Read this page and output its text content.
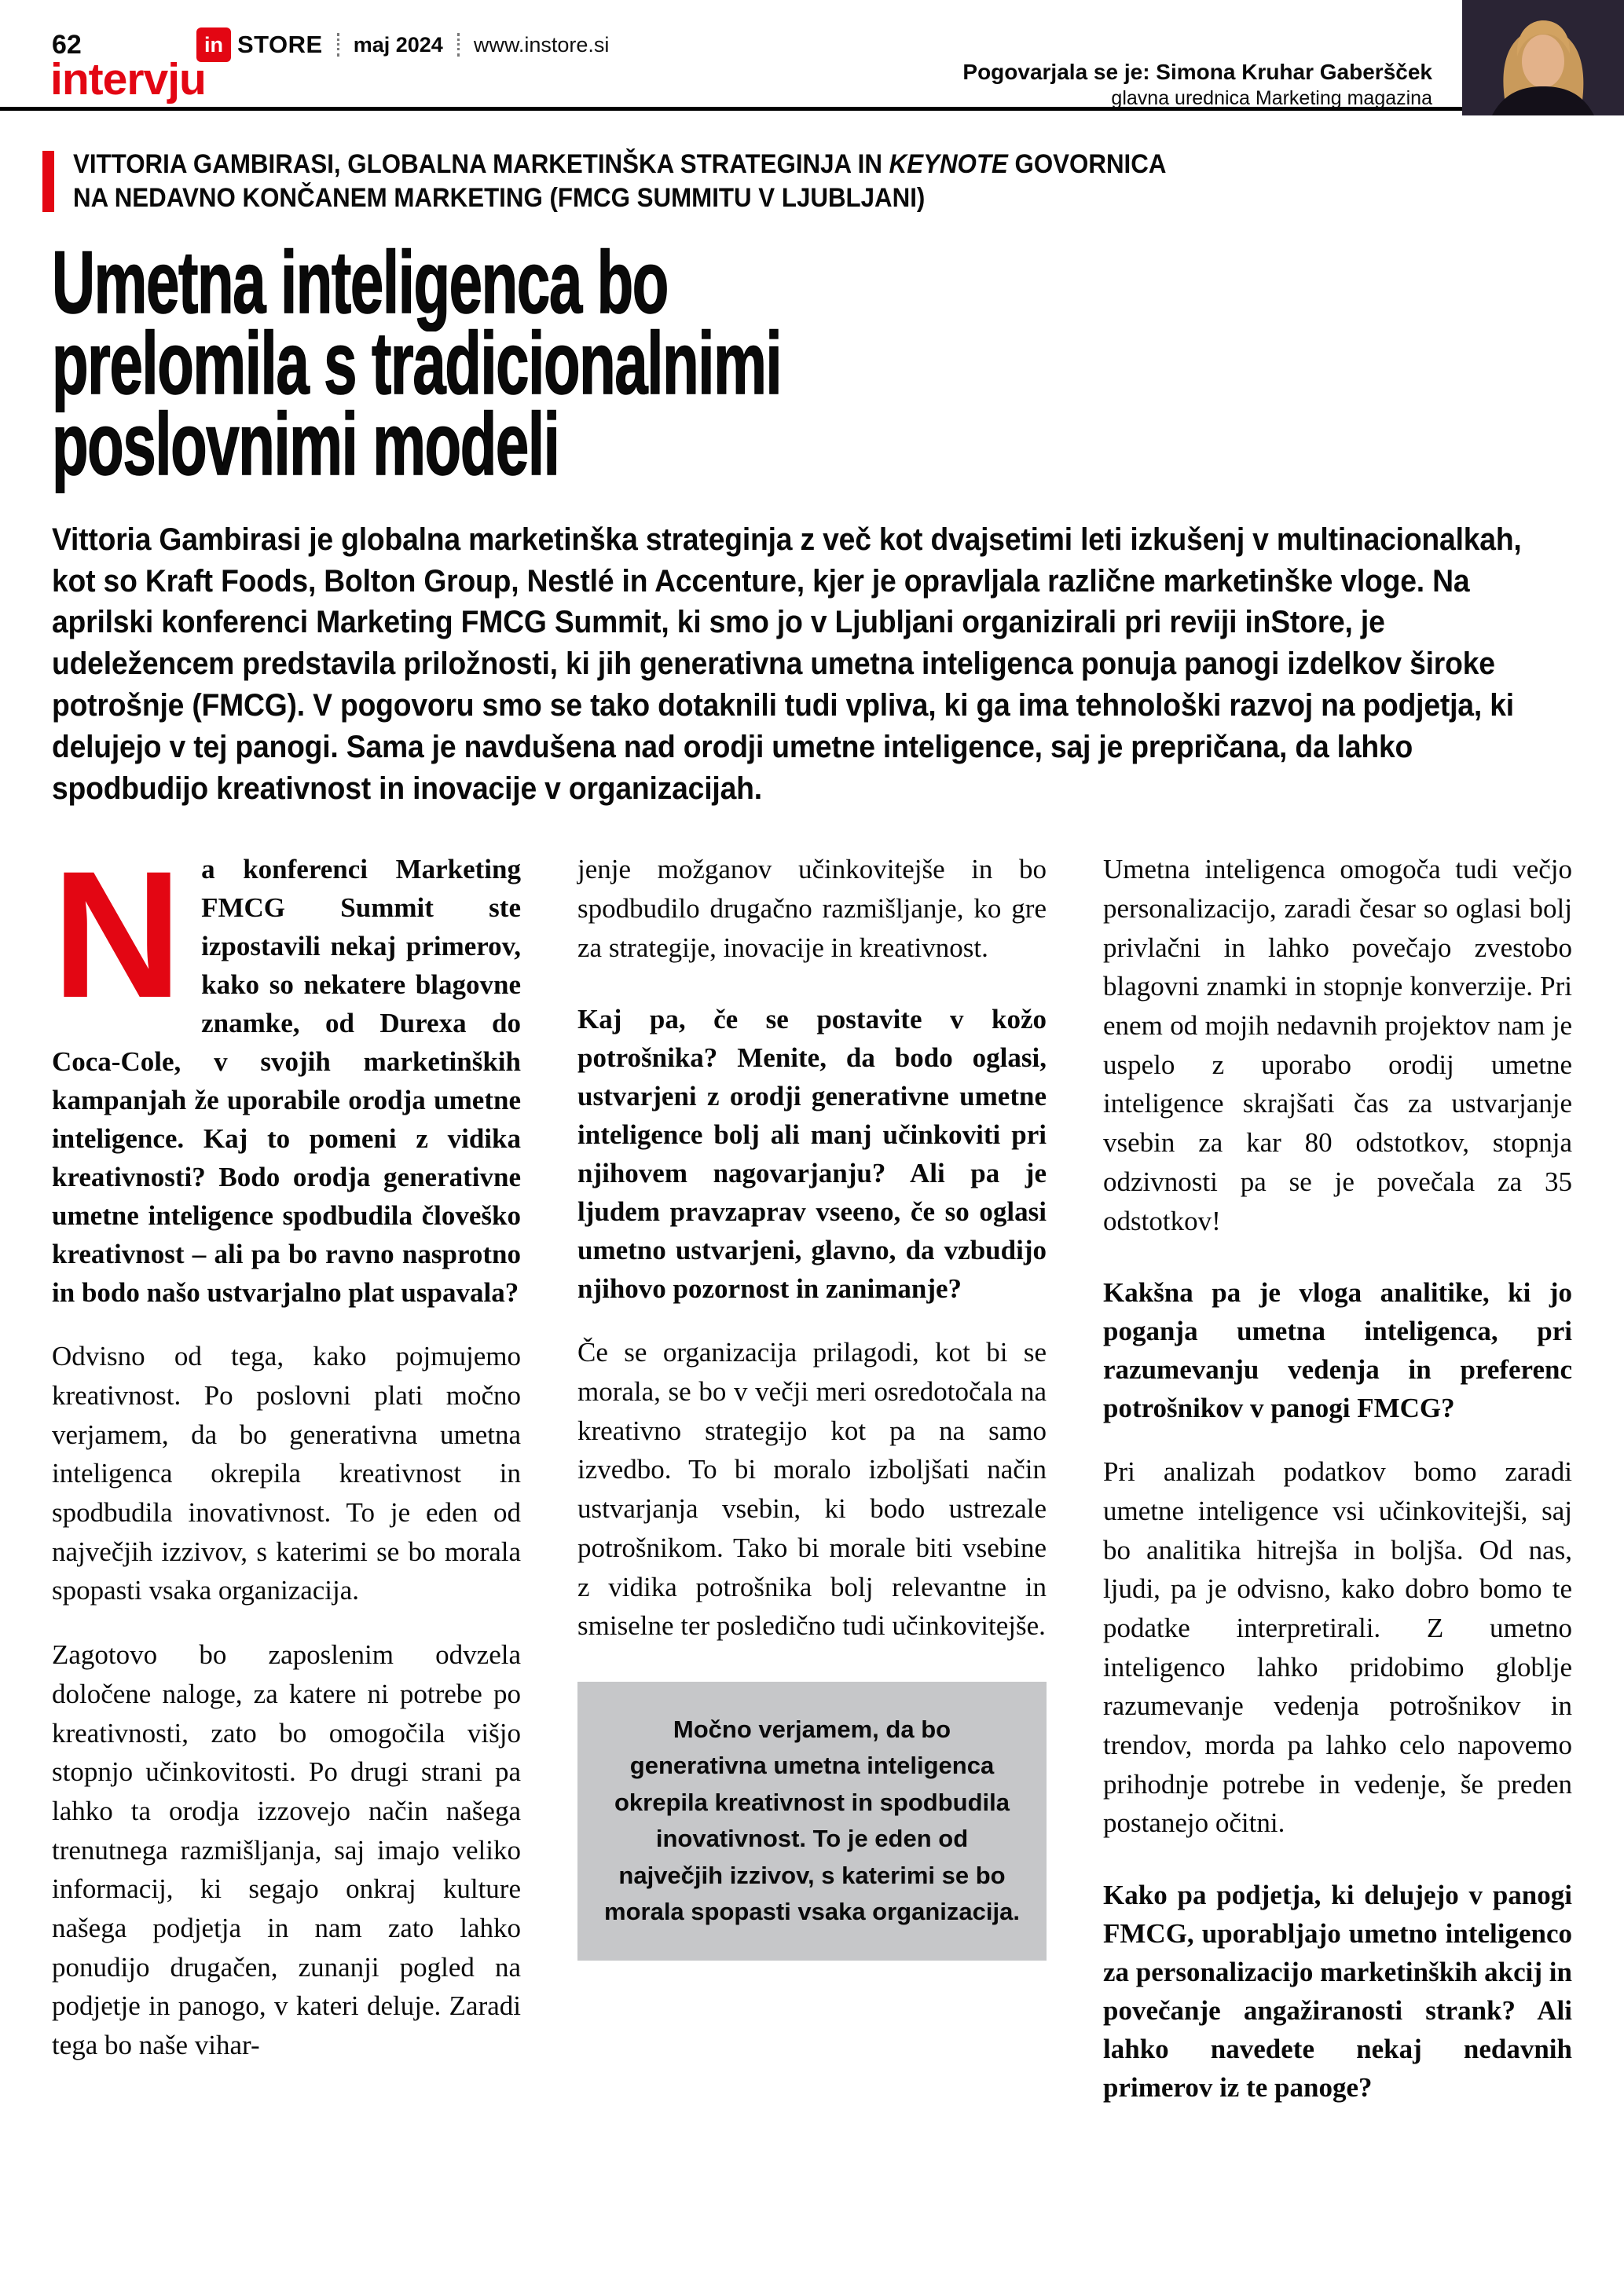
62	in STORE maj 2024 www.instore.si
intervju	Pogovarjala se je: Simona Kruhar Gaberšček
glavna urednica Marketing magazina
VITTORIA GAMBIRASI, GLOBALNA MARKETINŠKA STRATEGINJA IN KEYNOTE GOVORNICA
NA NEDAVNO KONČANEM MARKETING (FMCG SUMMITU V LJUBLJANI)
Umetna inteligenca bo
prelomila s tradicionalnimi
poslovnimi modeli

Vittoria Gambirasi je globalna marketinška strateginja z več kot dvajsetimi leti izkušenj v multinacionalkah, kot so Kraft Foods, Bolton Group, Nestlé in Accenture, kjer je opravljala različne marketinške vloge. Na aprilski konferenci Marketing FMCG Summit, ki smo jo v Ljubljani organizirali pri reviji inStore, je udeležencem predstavila priložnosti, ki jih generativna umetna inteligenca ponuja panogi izdelkov široke potrošnje (FMCG). V pogovoru smo se tako dotaknili tudi vpliva, ki ga ima tehnološki razvoj na podjetja, ki delujejo v tej panogi. Sama je navdušena nad orodji umetne inteligence, saj je prepričana, da lahko spodbudijo kreativnost in inovacije v organizacijah.

Na konferenci Marketing FMCG Summit ste izpostavili nekaj primerov, kako so nekatere blagovne znamke, od Durexa do Coca-Cole, v svojih marketinških kampanjah že uporabile orodja umetne inteligence. Kaj to pomeni z vidika kreativnosti? Bodo orodja generativne umetne inteligence spodbudila človeško kreativnost – ali pa bo ravno nasprotno in bodo našo ustvarjalno plat uspavala?

Odvisno od tega, kako pojmujemo kreativnost. Po poslovni plati močno verjamem, da bo generativna umetna inteligenca okrepila kreativnost in spodbudila inovativnost. To je eden od največjih izzivov, s katerimi se bo morala spopasti vsaka organizacija.

Zagotovo bo zaposlenim odvzela določene naloge, za katere ni potrebe po kreativnosti, zato bo omogočila višjo stopnjo učinkovitosti. Po drugi strani pa lahko ta orodja izzovejo način našega trenutnega razmišljanja, saj imajo veliko informacij, ki segajo onkraj kulture našega podjetja in nam zato lahko ponudijo drugačen, zunanji pogled na podjetje in panogo, v kateri deluje. Zaradi tega bo naše vihar-

jenje možganov učinkovitejše in bo spodbudilo drugačno razmišljanje, ko gre za strategije, inovacije in kreativnost.

Kaj pa, če se postavite v kožo potrošnika? Menite, da bodo oglasi, ustvarjeni z orodji generativne umetne inteligence bolj ali manj učinkoviti pri njihovem nagovarjanju? Ali pa je ljudem pravzaprav vseeno, če so oglasi umetno ustvarjeni, glavno, da vzbudijo njihovo pozornost in zanimanje?

Če se organizacija prilagodi, kot bi se morala, se bo v večji meri osredotočala na kreativno strategijo kot pa na samo izvedbo. To bi moralo izboljšati način ustvarjanja vsebin, ki bodo ustrezale potrošnikom. Tako bi morale biti vsebine z vidika potrošnika bolj relevantne in smiselne ter posledično tudi učinkovitejše.

Močno verjamem, da bo generativna umetna inteligenca okrepila kreativnost in spodbudila inovativnost. To je eden od največjih izzivov, s katerimi se bo morala spopasti vsaka organizacija.

Umetna inteligenca omogoča tudi večjo personalizacijo, zaradi česar so oglasi bolj privlačni in lahko povečajo zvestobo blagovni znamki in stopnje konverzije. Pri enem od mojih nedavnih projektov nam je uspelo z uporabo orodij umetne inteligence skrajšati čas za ustvarjanje vsebin za kar 80 odstotkov, stopnja odzivnosti pa se je povečala za 35 odstotkov!

Kakšna pa je vloga analitike, ki jo poganja umetna inteligenca, pri razumevanju vedenja in preferenc potrošnikov v panogi FMCG?

Pri analizah podatkov bomo zaradi umetne inteligence vsi učinkovitejši, saj bo analitika hitrejša in boljša. Od nas, ljudi, pa je odvisno, kako dobro bomo te podatke interpretirali. Z umetno inteligenco lahko pridobimo globlje razumevanje vedenja potrošnikov in trendov, morda pa lahko celo napovemo prihodnje potrebe in vedenje, še preden postanejo očitni.

Kako pa podjetja, ki delujejo v panogi FMCG, uporabljajo umetno inteligenco za personalizacijo marketinških akcij in povečanje angažiranosti strank? Ali lahko navedete nekaj nedavnih primerov iz te panoge?
